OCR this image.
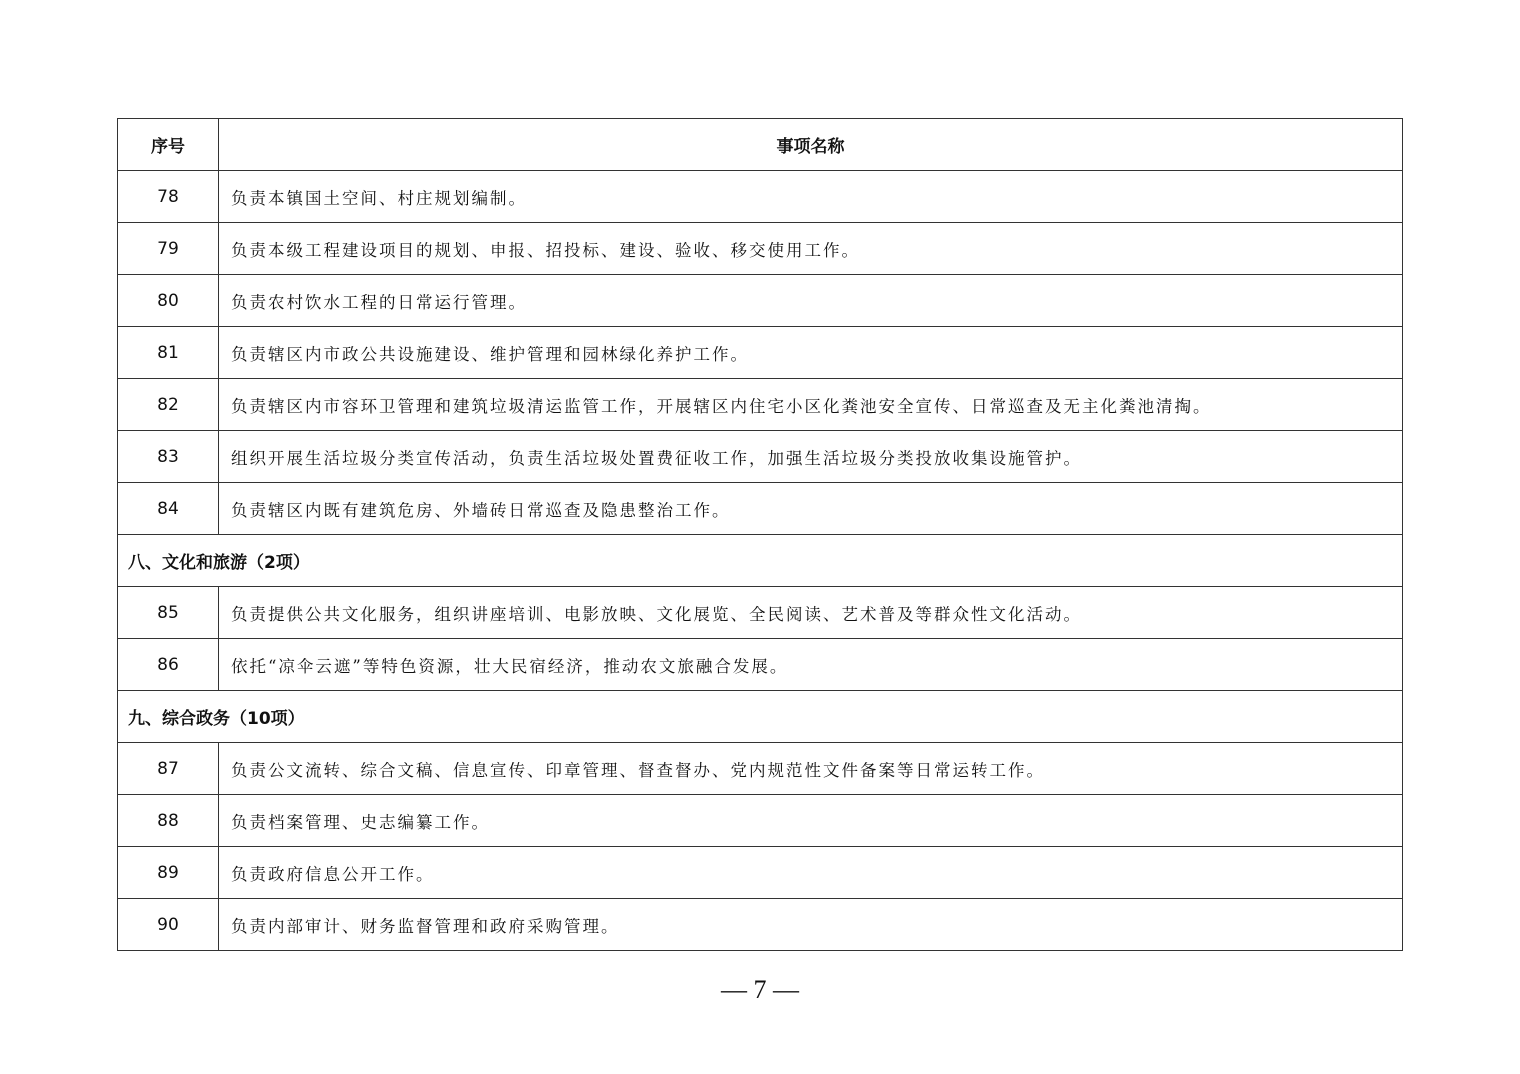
序号	事项名称
78	负责本镇国土空间、村庄规划编制。
79	负责本级工程建设项目的规划、申报、招投标、建设、验收、移交使用工作。
80	负责农村饮水工程的日常运行管理。
81	负责辖区内市政公共设施建设、维护管理和园林绿化养护工作。
82	负责辖区内市容环卫管理和建筑垃圾清运监管工作，开展辖区内住宅小区化粪池安全宣传、日常巡查及无主化粪池清掏。
83	组织开展生活垃圾分类宣传活动，负责生活垃圾处置费征收工作，加强生活垃圾分类投放收集设施管护。
84	负责辖区内既有建筑危房、外墙砖日常巡查及隐患整治工作。
八、文化和旅游（2项）	
85	负责提供公共文化服务，组织讲座培训、电影放映、文化展览、全民阅读、艺术普及等群众性文化活动。
86	依托“凉伞云遮”等特色资源，壮大民宿经济，推动农文旅融合发展。
九、综合政务（10项）	
87	负责公文流转、综合文稿、信息宣传、印章管理、督查督办、党内规范性文件备案等日常运转工作。
88	负责档案管理、史志编纂工作。
89	负责政府信息公开工作。
90	负责内部审计、财务监督管理和政府采购管理。
— 7 —
